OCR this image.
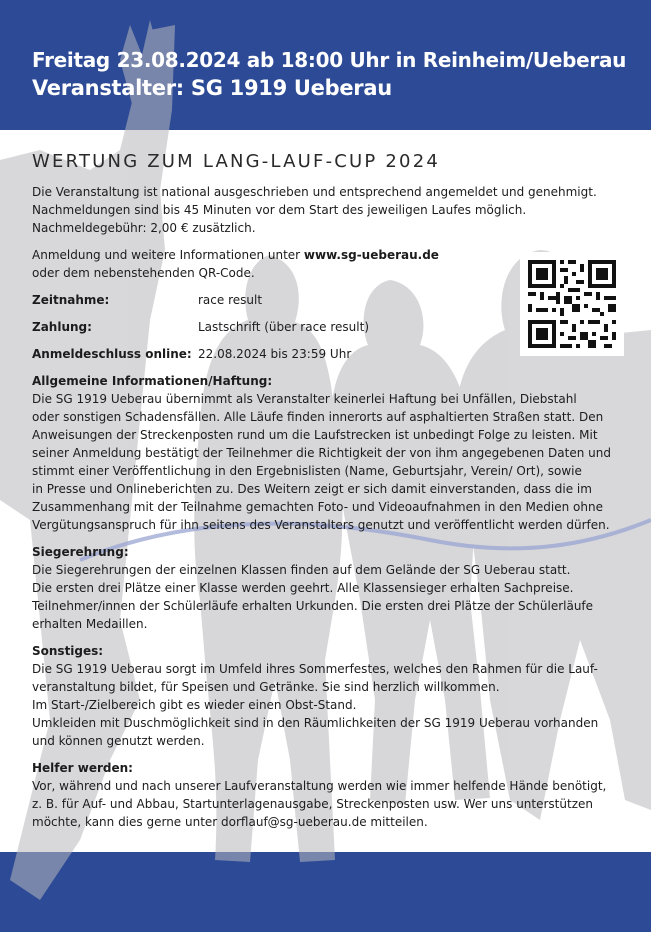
Freitag 23.08.2024 ab 18:00 Uhr in Reinheim/Ueberau
Veranstalter: SG 1919 Ueberau
WERTUNG ZUM LANG-LAUF-CUP 2024
Die Veranstaltung ist national ausgeschrieben und entsprechend angemeldet und genehmigt.
Nachmeldungen sind bis 45 Minuten vor dem Start des jeweiligen Laufes möglich.
Nachmeldegebühr: 2,00 € zusätzlich.
Anmeldung und weitere Informationen unter www.sg-ueberau.de
oder dem nebenstehenden QR-Code.
Zeitnahme:	race result
Zahlung:	Lastschrift (über race result)
Anmeldeschluss online: 22.08.2024 bis 23:59 Uhr
Allgemeine Informationen/Haftung:
Die SG 1919 Ueberau übernimmt als Veranstalter keinerlei Haftung bei Unfällen, Diebstahl
oder sonstigen Schadensfällen. Alle Läufe finden innerorts auf asphaltierten Straßen statt. Den
Anweisungen der Streckenposten rund um die Laufstrecken ist unbedingt Folge zu leisten. Mit
seiner Anmeldung bestätigt der Teilnehmer die Richtigkeit der von ihm angegebenen Daten und
stimmt einer Veröffentlichung in den Ergebnislisten (Name, Geburtsjahr, Verein/ Ort), sowie
in Presse und Onlineberichten zu. Des Weitern zeigt er sich damit einverstanden, dass die im
Zusammenhang mit der Teilnahme gemachten Foto- und Videoaufnahmen in den Medien ohne
Vergütungsanspruch für ihn seitens des Veranstalters genutzt und veröffentlicht werden dürfen.
Siegerehrung:
Die Siegerehrungen der einzelnen Klassen finden auf dem Gelände der SG Ueberau statt.
Die ersten drei Plätze einer Klasse werden geehrt. Alle Klassensieger erhalten Sachpreise.
Teilnehmer/innen der Schülerläufe erhalten Urkunden. Die ersten drei Plätze der Schülerläufe
erhalten Medaillen.
Sonstiges:
Die SG 1919 Ueberau sorgt im Umfeld ihres Sommerfestes, welches den Rahmen für die Lauf-
veranstaltung bildet, für Speisen und Getränke. Sie sind herzlich willkommen.
Im Start-/Zielbereich gibt es wieder einen Obst-Stand.
Umkleiden mit Duschmöglichkeit sind in den Räumlichkeiten der SG 1919 Ueberau vorhanden
und können genutzt werden.
Helfer werden:
Vor, während und nach unserer Laufveranstaltung werden wie immer helfende Hände benötigt,
z. B. für Auf- und Abbau, Startunterlagenausgabe, Streckenposten usw. Wer uns unterstützen
möchte, kann dies gerne unter dorflauf@sg-ueberau.de mitteilen.
